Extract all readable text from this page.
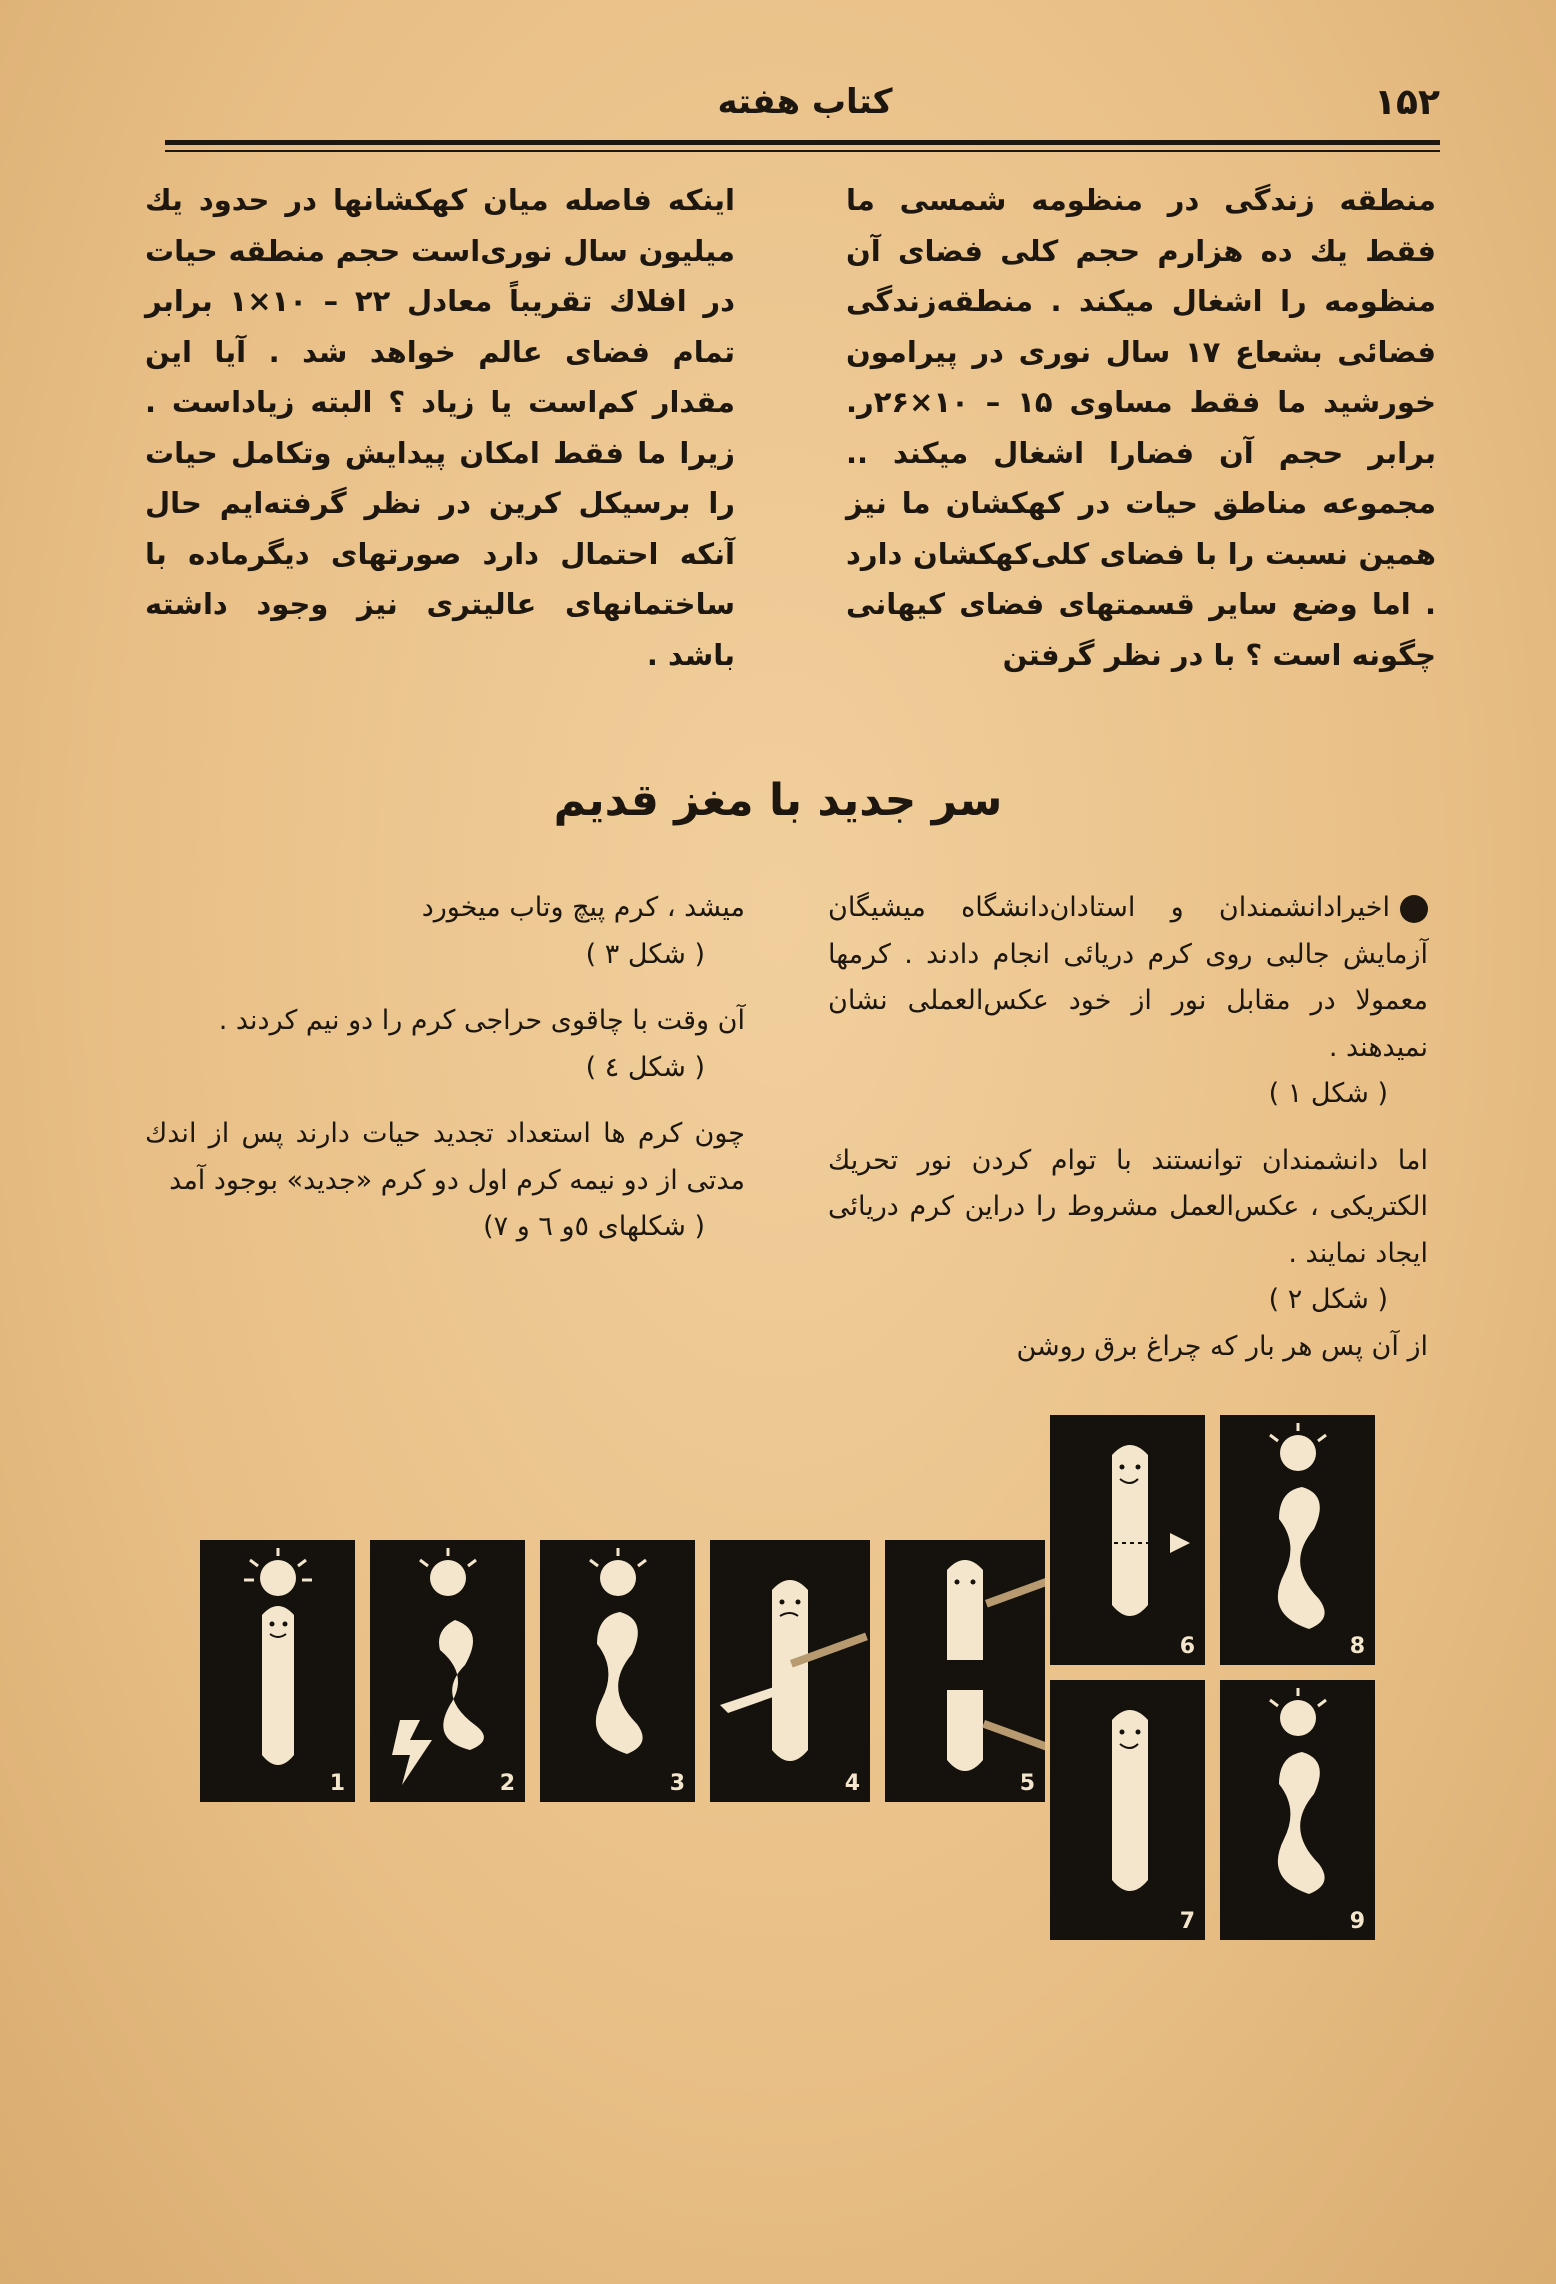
۱۵۲
کتاب هفته

منطقه زندگی در منظومه شمسی ما فقط یك ده هزارم حجم کلی فضای آن منظومه را اشغال میکند . منطقه‌زندگی فضائی بشعاع ۱۷ سال نوری در پیرامون خورشید ما فقط مساوی ۱۵ – ۱۰×۲۶ر. برابر حجم آن فضارا اشغال میکند .. مجموعه مناطق حیات در کهکشان ما نیز همین نسبت را با فضای کلی‌کهکشان دارد . اما وضع سایر قسمتهای فضای کیهانی چگونه است ؟ با در نظر گرفتن

اینکه فاصله میان کهکشانها در حدود یك میلیون سال نوری‌است حجم منطقه حیات در افلاك تقریباً معادل ۲۲ – ۱۰×۱ برابر تمام فضای عالم خواهد شد . آیا این مقدار کم‌است یا زیاد ؟ البته زیاداست . زیرا ما فقط امکان پیدایش وتکامل حیات را برسیکل کرین در نظر گرفته‌ایم حال آنکه احتمال دارد صورتهای دیگرماده با ساختمانهای عالیتری نیز وجود داشته باشد .

سر جدید با مغز قدیم

اخیرادانشمندان و استادان‌دانشگاه میشیگان آزمایش جالبی روی کرم دریائی انجام دادند . کرمها معمولا در مقابل نور از خود عکس‌العملی نشان نمیدهند .

( شکل ۱ )

اما دانشمندان توانستند با توام کردن نور تحریك الکتریکی ، عکس‌العمل مشروط را دراین کرم دریائی ایجاد نمایند .

( شکل ۲ )

از آن پس هر بار که چراغ برق روشن

میشد ، کرم پیچ وتاب میخورد

( شکل ۳ )

آن وقت با چاقوی حراجی کرم را دو نیم کردند .

( شکل ٤ )

چون کرم ها استعداد تجدید حیات دارند پس از اندك مدتی از دو نیمه کرم اول دو کرم «جدید» بوجود آمد

( شکلهای ٥و ٦ و ۷)

1	2	3	4	5
6
7
8
9
